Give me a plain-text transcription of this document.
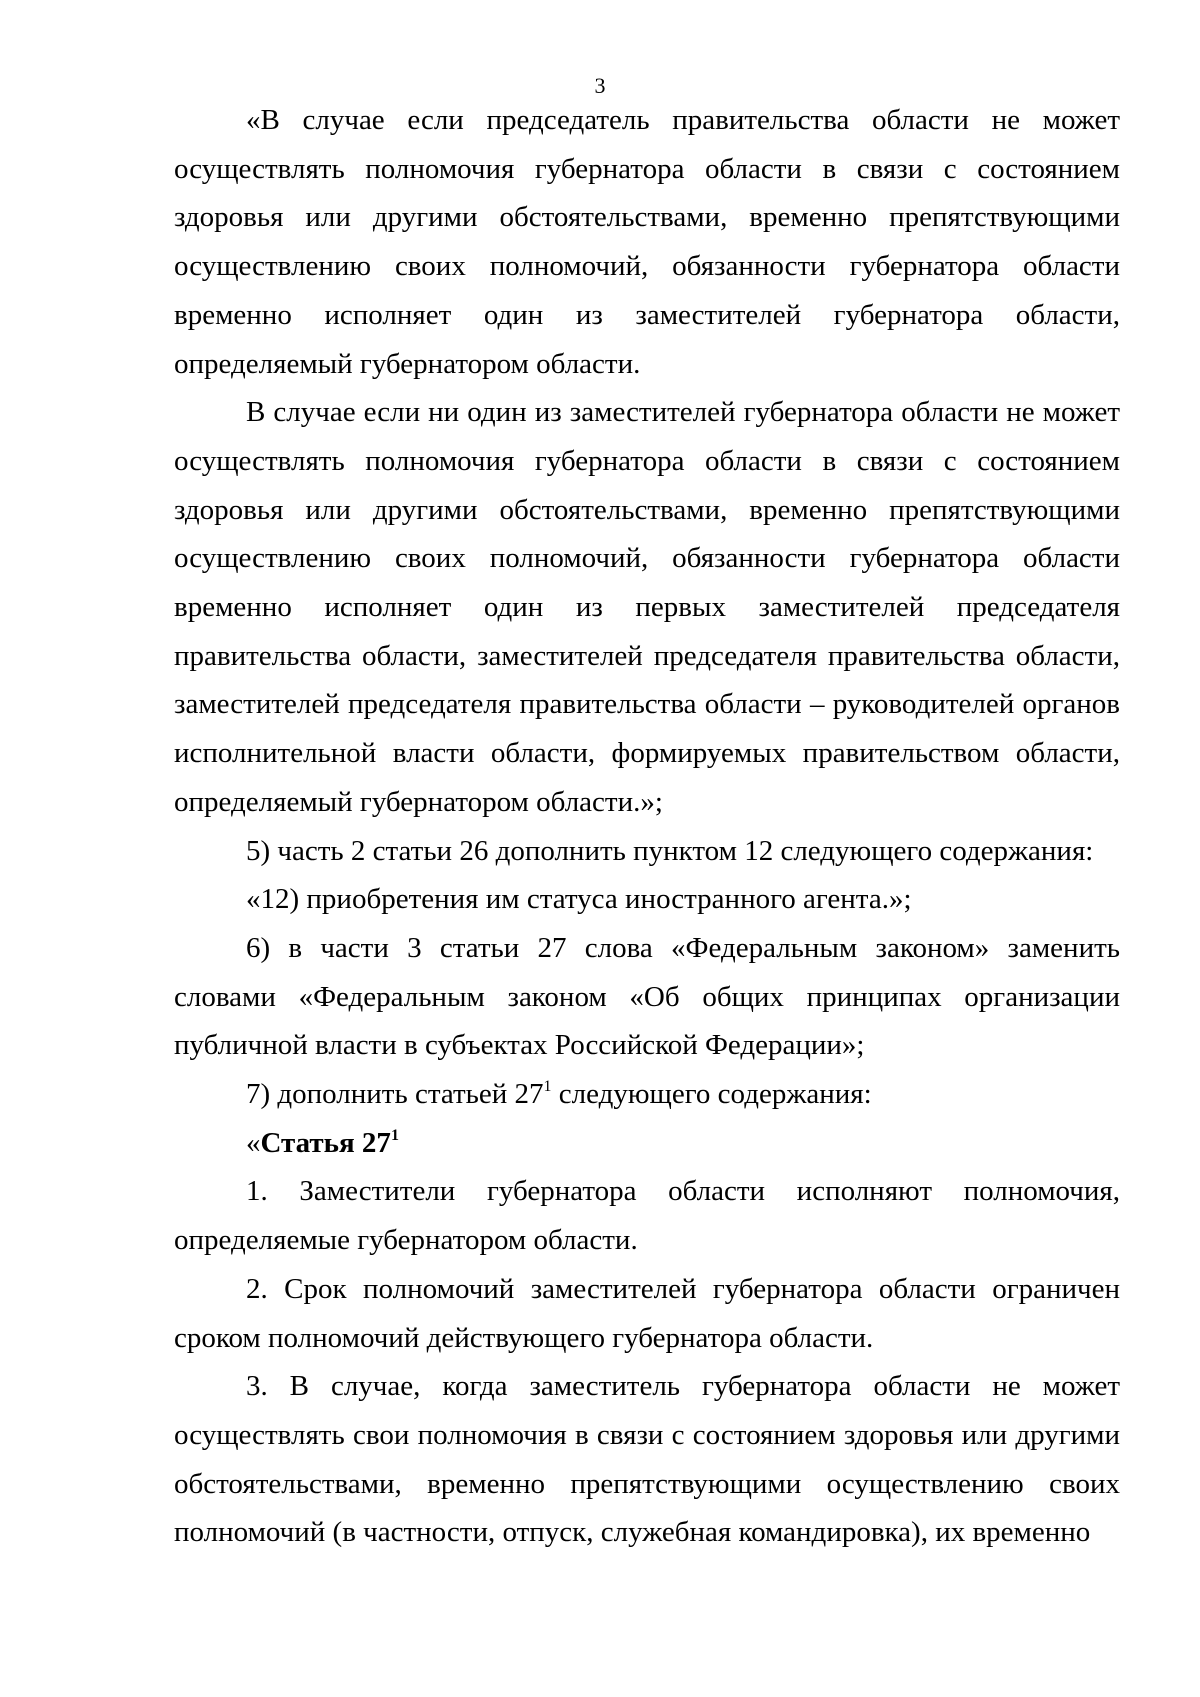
3

«В случае если председатель правительства области не может осуществлять полномочия губернатора области в связи с состоянием здоровья или другими обстоятельствами, временно препятствующими осуществлению своих полномочий, обязанности губернатора области временно исполняет один из заместителей губернатора области, определяемый губернатором области.

В случае если ни один из заместителей губернатора области не может осуществлять полномочия губернатора области в связи с состоянием здоровья или другими обстоятельствами, временно препятствующими осуществлению своих полномочий, обязанности губернатора области временно исполняет один из первых заместителей председателя правительства области, заместителей председателя правительства области, заместителей председателя правительства области – руководителей органов исполнительной власти области, формируемых правительством области, определяемый губернатором области.»;

5) часть 2 статьи 26 дополнить пунктом 12 следующего содержания:

«12) приобретения им статуса иностранного агента.»;

6) в части 3 статьи 27 слова «Федеральным законом» заменить словами «Федеральным законом «Об общих принципах организации публичной власти в субъектах Российской Федерации»;

7) дополнить статьей $27^1$ следующего содержания:

«Статья $27^1$

1. Заместители губернатора области исполняют полномочия, определяемые губернатором области.

2. Срок полномочий заместителей губернатора области ограничен сроком полномочий действующего губернатора области.

3. В случае, когда заместитель губернатора области не может осуществлять свои полномочия в связи с состоянием здоровья или другими обстоятельствами, временно препятствующими осуществлению своих полномочий (в частности, отпуск, служебная командировка), их временно
